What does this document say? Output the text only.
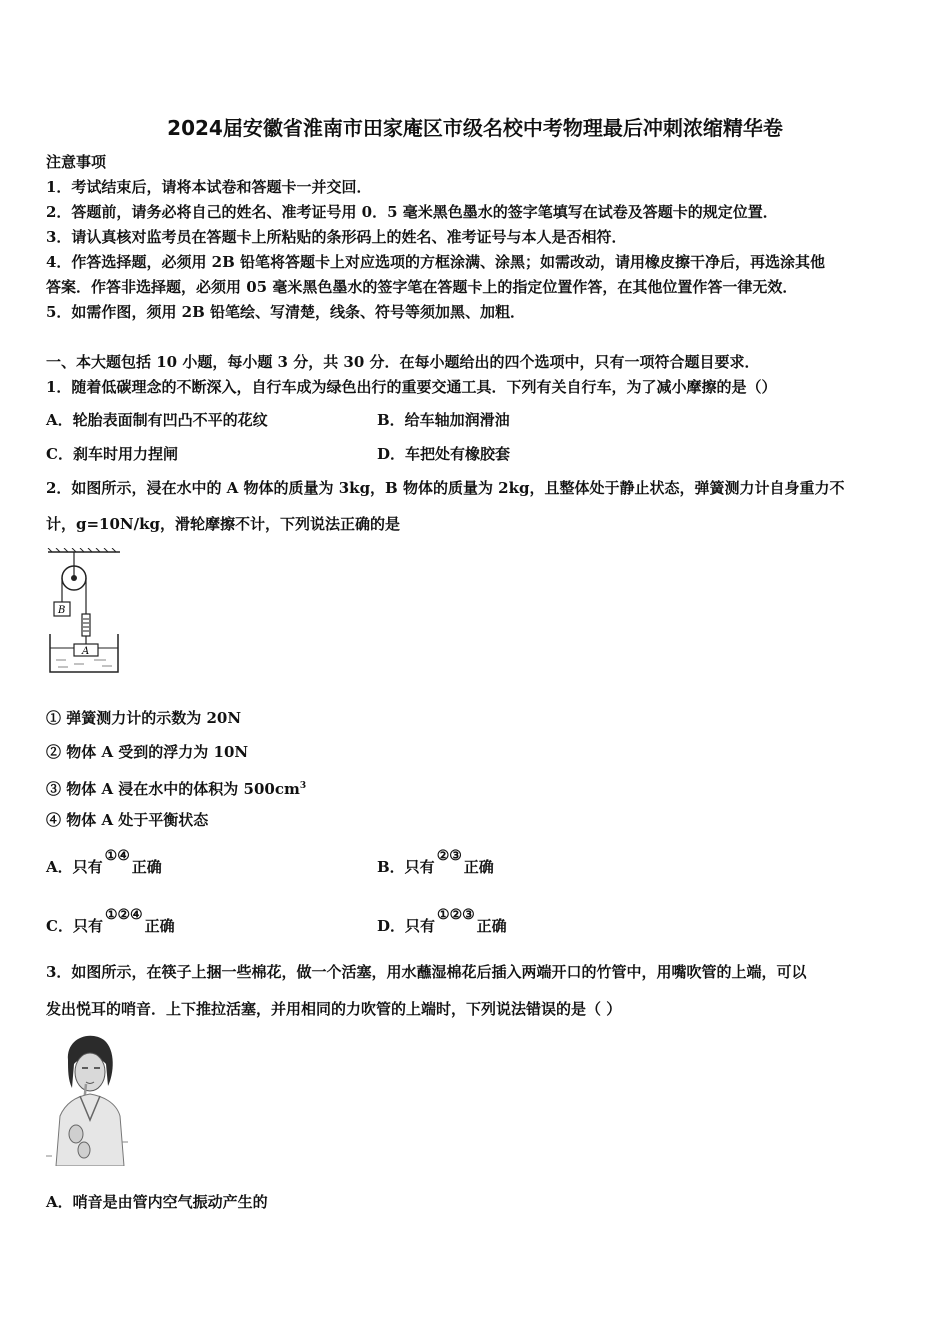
2024届安徽省淮南市田家庵区市级名校中考物理最后冲刺浓缩精华卷
注意事项
1．考试结束后，请将本试卷和答题卡一并交回．
2．答题前，请务必将自己的姓名、准考证号用 0．5 毫米黑色墨水的签字笔填写在试卷及答题卡的规定位置．
3．请认真核对监考员在答题卡上所粘贴的条形码上的姓名、准考证号与本人是否相符．
4．作答选择题，必须用 2B 铅笔将答题卡上对应选项的方框涂满、涂黑；如需改动，请用橡皮擦干净后，再选涂其他
答案．作答非选择题，必须用 05 毫米黑色墨水的签字笔在答题卡上的指定位置作答，在其他位置作答一律无效．
5．如需作图，须用 2B 铅笔绘、写清楚，线条、符号等须加黑、加粗．
一、本大题包括 10 小题，每小题 3 分，共 30 分．在每小题给出的四个选项中，只有一项符合题目要求．
1．随着低碳理念的不断深入，自行车成为绿色出行的重要交通工具．下列有关自行车，为了减小摩擦的是（）
A．轮胎表面制有凹凸不平的花纹	B．给车轴加润滑油
C．刹车时用力捏闸	D．车把处有橡胶套
2．如图所示，浸在水中的 A 物体的质量为 3kg，B 物体的质量为 2kg，且整体处于静止状态，弹簧测力计自身重力不
计，g=10N/kg，滑轮摩擦不计，下列说法正确的是
B
A
① 弹簧测力计的示数为 20N
② 物体 A 受到的浮力为 10N
③ 物体 A 浸在水中的体积为 $500cm^3$
④ 物体 A 处于平衡状态
A．只有①④正确	B．只有②③正确
C．只有①②④正确	D．只有①②③正确
3．如图所示，在筷子上捆一些棉花，做一个活塞，用水蘸湿棉花后插入两端开口的竹管中，用嘴吹管的上端，可以
发出悦耳的哨音．上下推拉活塞，并用相同的力吹管的上端时，下列说法错误的是（ ）
A．哨音是由管内空气振动产生的
